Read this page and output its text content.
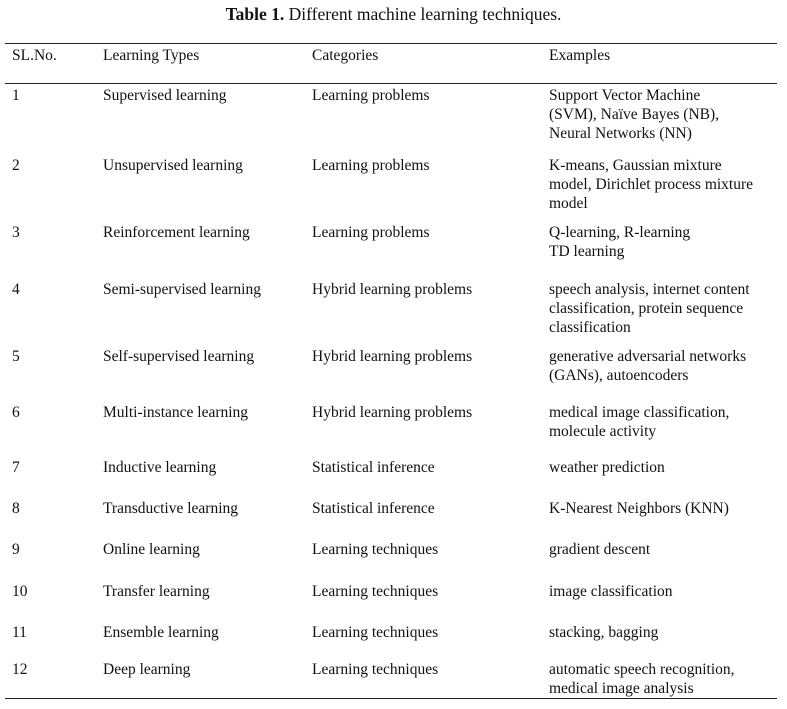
Table 1. Different machine learning techniques.
SL.No.	Learning Types	Categories	Examples
1	Supervised learning	Learning problems	Support Vector Machine
(SVM), Naïve Bayes (NB),
Neural Networks (NN)
2	Unsupervised learning	Learning problems	K-means, Gaussian mixture
model, Dirichlet process mixture
model
3	Reinforcement learning	Learning problems	Q-learning, R-learning
TD learning
4	Semi-supervised learning	Hybrid learning problems	speech analysis, internet content
classification, protein sequence
classification
5	Self-supervised learning	Hybrid learning problems	generative adversarial networks
(GANs), autoencoders
6	Multi-instance learning	Hybrid learning problems	medical image classification,
molecule activity
7	Inductive learning	Statistical inference	weather prediction
8	Transductive learning	Statistical inference	K-Nearest Neighbors (KNN)
9	Online learning	Learning techniques	gradient descent
10	Transfer learning	Learning techniques	image classification
11	Ensemble learning	Learning techniques	stacking, bagging
12	Deep learning	Learning techniques	automatic speech recognition,
medical image analysis
